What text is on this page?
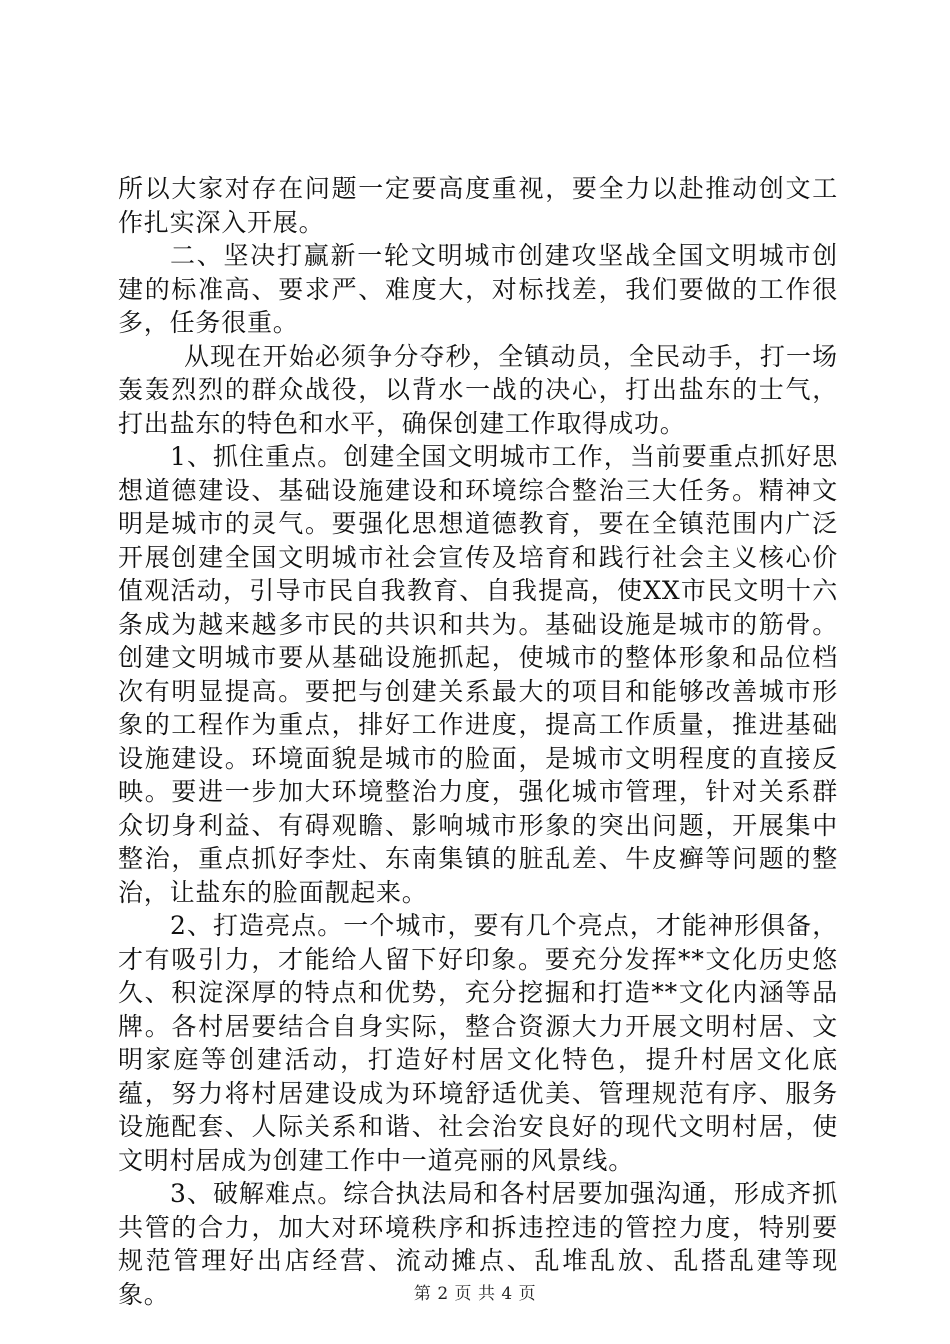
所以大家对存在问题一定要高度重视，要全力以赴推动创文工作扎实深入开展。

二、坚决打赢新一轮文明城市创建攻坚战全国文明城市创建的标准高、要求严、难度大，对标找差，我们要做的工作很多，任务很重。

从现在开始必须争分夺秒，全镇动员，全民动手，打一场轰轰烈烈的群众战役，以背水一战的决心，打出盐东的士气，打出盐东的特色和水平，确保创建工作取得成功。

1、抓住重点。创建全国文明城市工作，当前要重点抓好思想道德建设、基础设施建设和环境综合整治三大任务。精神文明是城市的灵气。要强化思想道德教育，要在全镇范围内广泛开展创建全国文明城市社会宣传及培育和践行社会主义核心价值观活动，引导市民自我教育、自我提高，使XX市民文明十六条成为越来越多市民的共识和共为。基础设施是城市的筋骨。创建文明城市要从基础设施抓起，使城市的整体形象和品位档次有明显提高。要把与创建关系最大的项目和能够改善城市形象的工程作为重点，排好工作进度，提高工作质量，推进基础设施建设。环境面貌是城市的脸面，是城市文明程度的直接反映。要进一步加大环境整治力度，强化城市管理，针对关系群众切身利益、有碍观瞻、影响城市形象的突出问题，开展集中整治，重点抓好李灶、东南集镇的脏乱差、牛皮癣等问题的整治，让盐东的脸面靓起来。

2、打造亮点。一个城市，要有几个亮点，才能神形俱备，才有吸引力，才能给人留下好印象。要充分发挥**文化历史悠久、积淀深厚的特点和优势，充分挖掘和打造**文化内涵等品牌。各村居要结合自身实际，整合资源大力开展文明村居、文明家庭等创建活动，打造好村居文化特色，提升村居文化底蕴，努力将村居建设成为环境舒适优美、管理规范有序、服务设施配套、人际关系和谐、社会治安良好的现代文明村居，使文明村居成为创建工作中一道亮丽的风景线。

3、破解难点。综合执法局和各村居要加强沟通，形成齐抓共管的合力，加大对环境秩序和拆违控违的管控力度，特别要规范管理好出店经营、流动摊点、乱堆乱放、乱搭乱建等现象。	第 2 页 共 4 页
